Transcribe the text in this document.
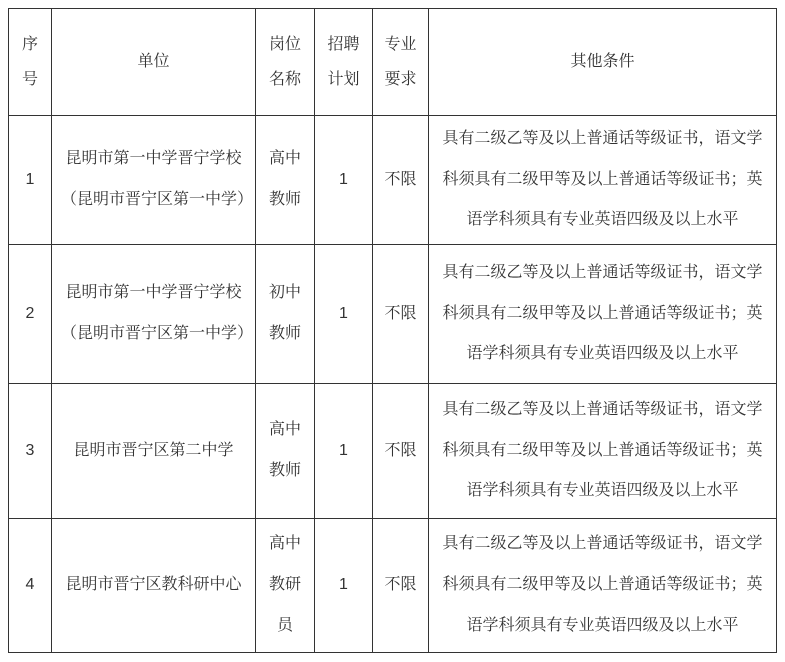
序号	单位	岗位名称	招聘计划	专业要求	其他条件
1	昆明市第一中学晋宁学校（昆明市晋宁区第一中学）	高中教师	1	不限	具有二级乙等及以上普通话等级证书，语文学科须具有二级甲等及以上普通话等级证书；英语学科须具有专业英语四级及以上水平
2	昆明市第一中学晋宁学校（昆明市晋宁区第一中学）	初中教师	1	不限	具有二级乙等及以上普通话等级证书，语文学科须具有二级甲等及以上普通话等级证书；英语学科须具有专业英语四级及以上水平
3	昆明市晋宁区第二中学	高中教师	1	不限	具有二级乙等及以上普通话等级证书，语文学科须具有二级甲等及以上普通话等级证书；英语学科须具有专业英语四级及以上水平
4	昆明市晋宁区教科研中心	高中教研员	1	不限	具有二级乙等及以上普通话等级证书，语文学科须具有二级甲等及以上普通话等级证书；英语学科须具有专业英语四级及以上水平
